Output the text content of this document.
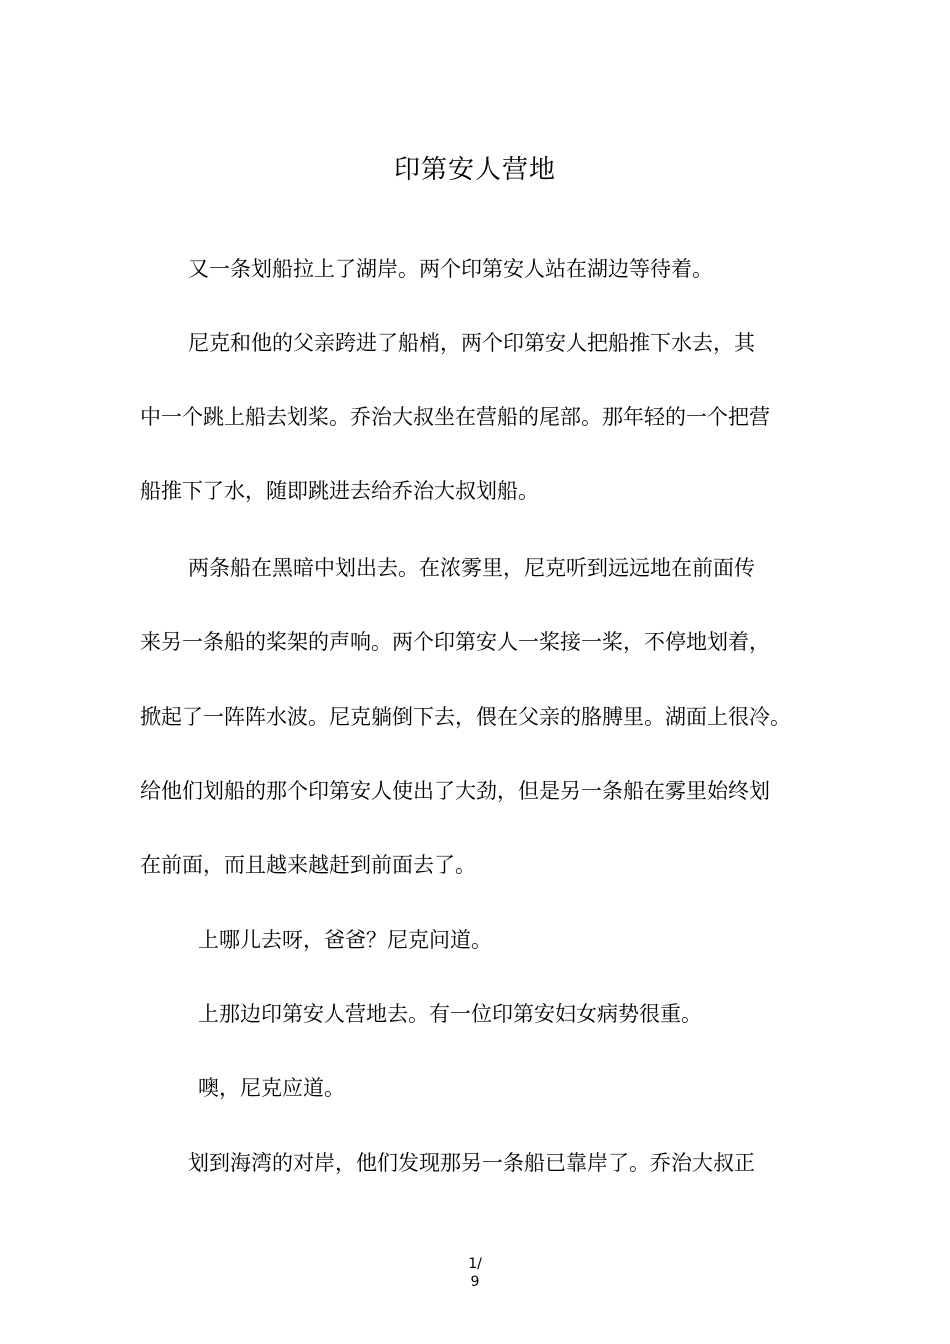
印第安人营地
又一条划船拉上了湖岸。两个印第安人站在湖边等待着。
尼克和他的父亲跨进了船梢，两个印第安人把船推下水去，其
中一个跳上船去划桨。乔治大叔坐在营船的尾部。那年轻的一个把营
船推下了水，随即跳进去给乔治大叔划船。
两条船在黑暗中划出去。在浓雾里，尼克听到远远地在前面传
来另一条船的桨架的声响。两个印第安人一桨接一桨，不停地划着，
掀起了一阵阵水波。尼克躺倒下去，偎在父亲的胳膊里。湖面上很冷。
给他们划船的那个印第安人使出了大劲，但是另一条船在雾里始终划
在前面，而且越来越赶到前面去了。
上哪儿去呀，爸爸？尼克问道。
上那边印第安人营地去。有一位印第安妇女病势很重。
噢，尼克应道。
划到海湾的对岸，他们发现那另一条船已靠岸了。乔治大叔正
1/
9
